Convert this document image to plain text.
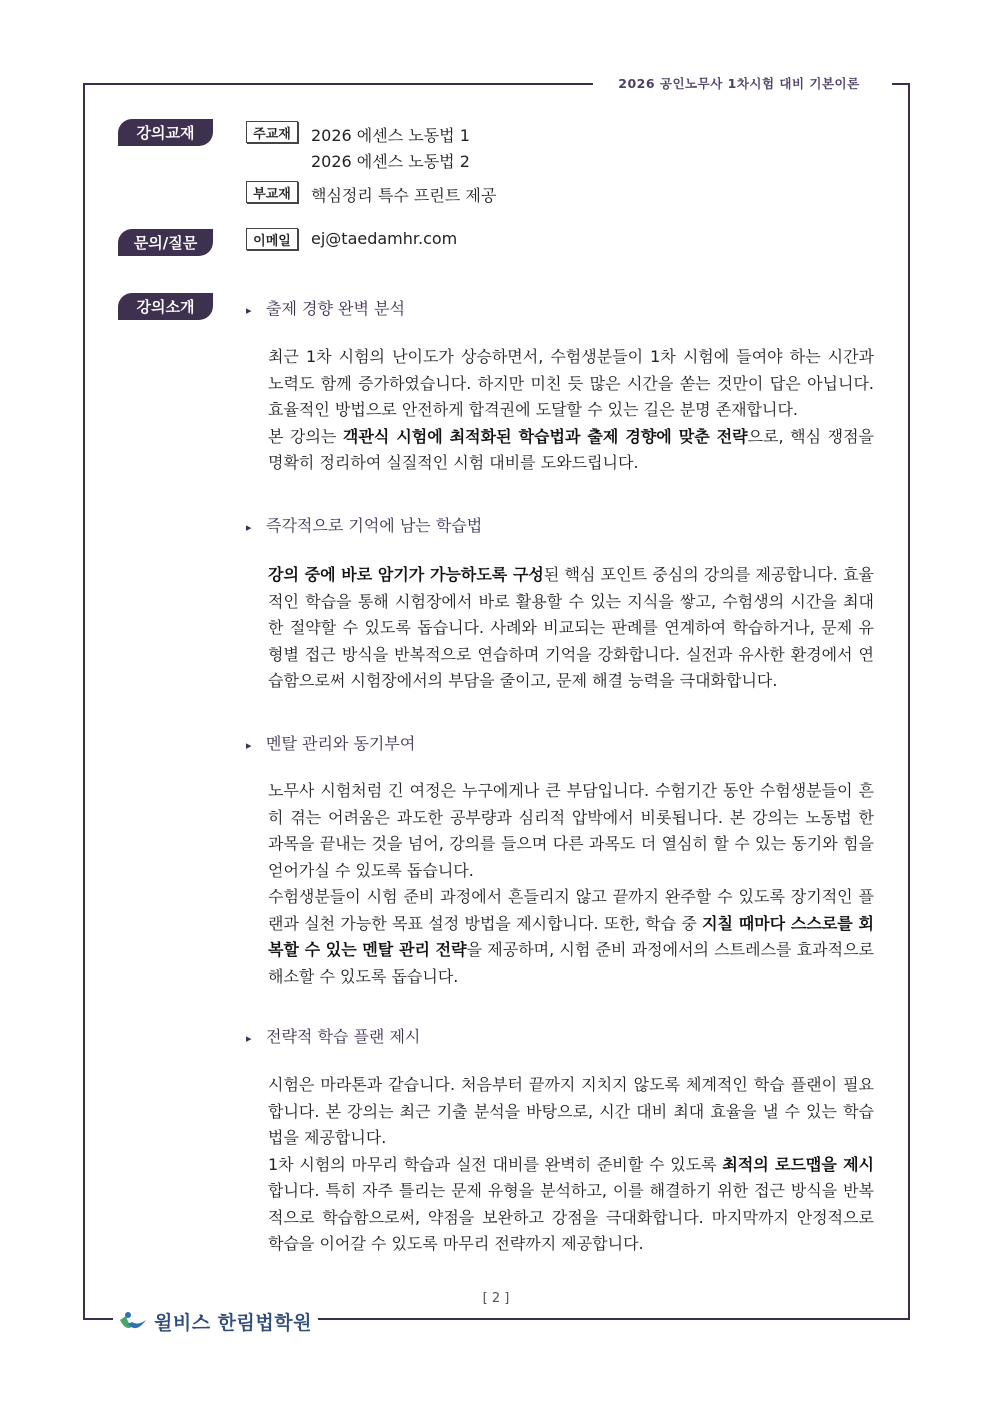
2026 공인노무사 1차시험 대비 기본이론
강의교재	주교재	2026 에센스 노동법 1
2026 에센스 노동법 2
부교재	핵심정리 특수 프린트 제공
문의/질문	이메일	ej@taedamhr.com
강의소개	▸ 출제 경향 완벽 분석
최근 1차 시험의 난이도가 상승하면서, 수험생분들이 1차 시험에 들여야 하는 시간과 노력도 함께 증가하였습니다. 하지만 미친 듯 많은 시간을 쏟는 것만이 답은 아닙니다. 효율적인 방법으로 안전하게 합격권에 도달할 수 있는 길은 분명 존재합니다.
본 강의는 객관식 시험에 최적화된 학습법과 출제 경향에 맞춘 전략으로, 핵심 쟁점을 명확히 정리하여 실질적인 시험 대비를 도와드립니다.
▸ 즉각적으로 기억에 남는 학습법
강의 중에 바로 암기가 가능하도록 구성된 핵심 포인트 중심의 강의를 제공합니다. 효율적인 학습을 통해 시험장에서 바로 활용할 수 있는 지식을 쌓고, 수험생의 시간을 최대한 절약할 수 있도록 돕습니다. 사례와 비교되는 판례를 연계하여 학습하거나, 문제 유형별 접근 방식을 반복적으로 연습하며 기억을 강화합니다. 실전과 유사한 환경에서 연습함으로써 시험장에서의 부담을 줄이고, 문제 해결 능력을 극대화합니다.
▸ 멘탈 관리와 동기부여
노무사 시험처럼 긴 여정은 누구에게나 큰 부담입니다. 수험기간 동안 수험생분들이 흔히 겪는 어려움은 과도한 공부량과 심리적 압박에서 비롯됩니다. 본 강의는 노동법 한 과목을 끝내는 것을 넘어, 강의를 들으며 다른 과목도 더 열심히 할 수 있는 동기와 힘을 얻어가실 수 있도록 돕습니다.
수험생분들이 시험 준비 과정에서 흔들리지 않고 끝까지 완주할 수 있도록 장기적인 플랜과 실천 가능한 목표 설정 방법을 제시합니다. 또한, 학습 중 지칠 때마다 스스로를 회복할 수 있는 멘탈 관리 전략을 제공하며, 시험 준비 과정에서의 스트레스를 효과적으로 해소할 수 있도록 돕습니다.
▸ 전략적 학습 플랜 제시
시험은 마라톤과 같습니다. 처음부터 끝까지 지치지 않도록 체계적인 학습 플랜이 필요합니다. 본 강의는 최근 기출 분석을 바탕으로, 시간 대비 최대 효율을 낼 수 있는 학습법을 제공합니다.
1차 시험의 마무리 학습과 실전 대비를 완벽히 준비할 수 있도록 최적의 로드맵을 제시합니다. 특히 자주 틀리는 문제 유형을 분석하고, 이를 해결하기 위한 접근 방식을 반복적으로 학습함으로써, 약점을 보완하고 강점을 극대화합니다. 마지막까지 안정적으로 학습을 이어갈 수 있도록 마무리 전략까지 제공합니다.
[ 2 ]
윌비스 한림법학원
